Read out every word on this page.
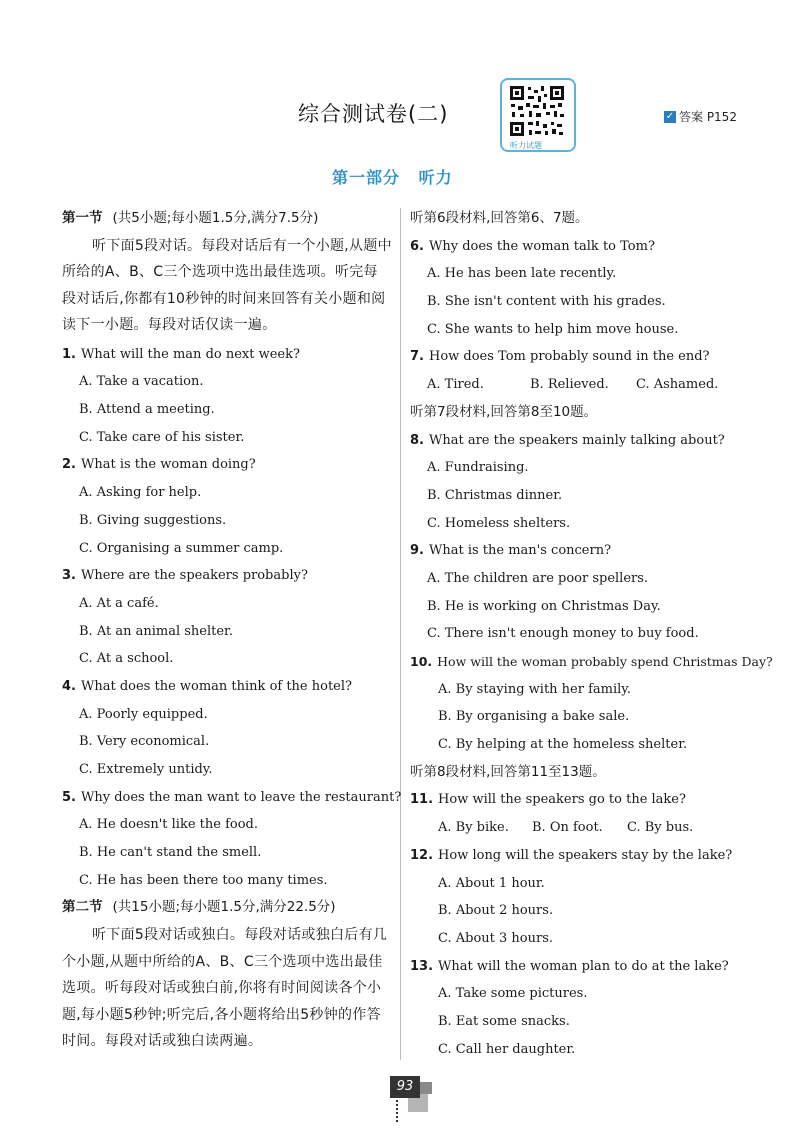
综合测试卷(二)
听力试题
✓ 答案 P152
第一部分 听力
第一节 (共5小题;每小题1.5分,满分7.5分)
听下面5段对话。每段对话后有一个小题,从题中所给的A、B、C三个选项中选出最佳选项。听完每段对话后,你都有10秒钟的时间来回答有关小题和阅读下一小题。每段对话仅读一遍。
1. What will the man do next week?
A. Take a vacation.
B. Attend a meeting.
C. Take care of his sister.
2. What is the woman doing?
A. Asking for help.
B. Giving suggestions.
C. Organising a summer camp.
3. Where are the speakers probably?
A. At a café.
B. At an animal shelter.
C. At a school.
4. What does the woman think of the hotel?
A. Poorly equipped.
B. Very economical.
C. Extremely untidy.
5. Why does the man want to leave the restaurant?
A. He doesn't like the food.
B. He can't stand the smell.
C. He has been there too many times.
第二节 (共15小题;每小题1.5分,满分22.5分)
听下面5段对话或独白。每段对话或独白后有几个小题,从题中所给的A、B、C三个选项中选出最佳选项。听每段对话或独白前,你将有时间阅读各个小题,每小题5秒钟;听完后,各小题将给出5秒钟的作答时间。每段对话或独白读两遍。
听第6段材料,回答第6、7题。
6. Why does the woman talk to Tom?
A. He has been late recently.
B. She isn't content with his grades.
C. She wants to help him move house.
7. How does Tom probably sound in the end?
A. Tired.	B. Relieved. C. Ashamed.
听第7段材料,回答第8至10题。
8. What are the speakers mainly talking about?
A. Fundraising.
B. Christmas dinner.
C. Homeless shelters.
9. What is the man's concern?
A. The children are poor spellers.
B. He is working on Christmas Day.
C. There isn't enough money to buy food.
10. How will the woman probably spend Christmas Day?
A. By staying with her family.
B. By organising a bake sale.
C. By helping at the homeless shelter.
听第8段材料,回答第11至13题。
11. How will the speakers go to the lake?
A. By bike. B. On foot. C. By bus.
12. How long will the speakers stay by the lake?
A. About 1 hour.
B. About 2 hours.
C. About 3 hours.
13. What will the woman plan to do at the lake?
A. Take some pictures.
B. Eat some snacks.
C. Call her daughter.
93
